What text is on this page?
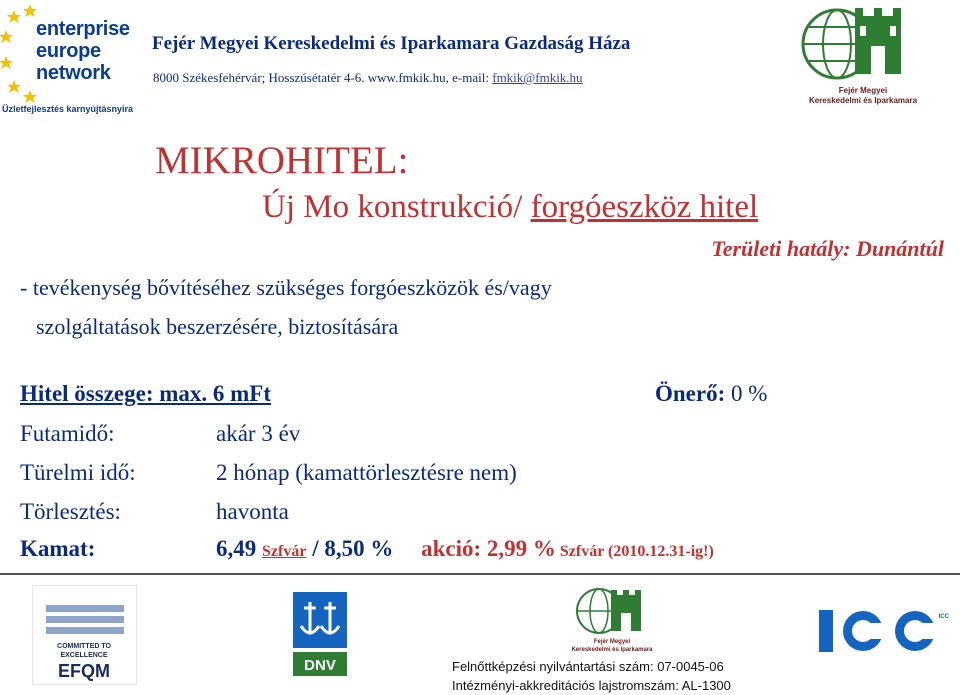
enterprise
europe
network
Üzletfejlesztés karnyújtásnyira
Fejér Megyei Kereskedelmi és Iparkamara Gazdaság Háza
8000 Székesfehérvár; Hosszúsétatér 4-6. www.fmkik.hu, e-mail: fmkik@fmkik.hu
Fejér Megyei
Kereskedelmi és Iparkamara
MIKROHITEL:
Új Mo konstrukció/ forgóeszköz hitel
Területi hatály: Dunántúl
- tevékenység bővítéséhez szükséges forgóeszközök és/vagy
szolgáltatások beszerzésére, biztosítására
Hitel összege: max. 6 mFt	Önerő: 0 %
Futamidő:	akár 3 év
Türelmi idő:	2 hónap (kamattörlesztésre nem)
Törlesztés:	havonta
Kamat:	6,49 Szfvár / 8,50 % akció: 2,99 % Szfvár (2010.12.31-ig!)
COMMITTED TO
EXCELLENCE
EFQM	DNV
Fejér Megyei
Kereskedelmi és Iparkamara
ICC
Felnőttképzési nyilvántartási szám: 07-0045-06
Intézményi-akkreditációs lajstromszám: AL-1300
